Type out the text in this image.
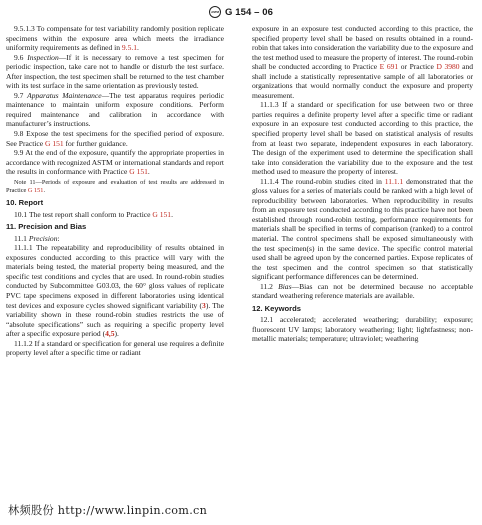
ASTM G 154 – 06

9.5.1.3 To compensate for test variability randomly position replicate specimens within the exposure area which meets the irradiance uniformity requirements as defined in 9.5.1.

9.6 Inspection—If it is necessary to remove a test specimen for periodic inspection, take care not to handle or disturb the test surface. After inspection, the test specimen shall be returned to the test chamber with its test surface in the same orientation as previously tested.

9.7 Apparatus Maintenance—The test apparatus requires periodic maintenance to maintain uniform exposure conditions. Perform required maintenance and calibration in accordance with manufacturer’s instructions.

9.8 Expose the test specimens for the specified period of exposure. See Practice G 151 for further guidance.

9.9 At the end of the exposure, quantify the appropriate properties in accordance with recognized ASTM or international standards and report the results in conformance with Practice G 151.

Note 11—Periods of exposure and evaluation of test results are addressed in Practice G 151.

10. Report

10.1 The test report shall conform to Practice G 151.

11. Precision and Bias

11.1 Precision:

11.1.1 The repeatability and reproducibility of results obtained in exposures conducted according to this practice will vary with the materials being tested, the material property being measured, and the specific test conditions and cycles that are used. In round-robin studies conducted by Subcommittee G03.03, the 60° gloss values of replicate PVC tape specimens exposed in different laboratories using identical test devices and exposure cycles showed significant variability (3). The variability shown in these round-robin studies restricts the use of “absolute specifications” such as requiring a specific property level after a specific exposure period (4,5).

11.1.2 If a standard or specification for general use requires a definite property level after a specific time or radiant

exposure in an exposure test conducted according to this practice, the specified property level shall be based on results obtained in a round-robin that takes into consideration the variability due to the exposure and the test method used to measure the property of interest. The round-robin shall be conducted according to Practice E 691 or Practice D 3980 and shall include a statistically representative sample of all laboratories or organizations that would normally conduct the exposure and property measurement.

11.1.3 If a standard or specification for use between two or three parties requires a definite property level after a specific time or radiant exposure in an exposure test conducted according to this practice, the specified property level shall be based on statistical analysis of results from at least two separate, independent exposures in each laboratory. The design of the experiment used to determine the specification shall take into consideration the variability due to the exposure and the test method used to measure the property of interest.

11.1.4 The round-robin studies cited in 11.1.1 demonstrated that the gloss values for a series of materials could be ranked with a high level of reproducibility between laboratories. When reproducibility in results from an exposure test conducted according to this practice have not been established through round-robin testing, performance requirements for materials shall be specified in terms of comparison (ranked) to a control material. The control specimens shall be exposed simultaneously with the test specimen(s) in the same device. The specific control material used shall be agreed upon by the concerned parties. Expose replicates of the test specimen and the control specimen so that statistically significant performance differences can be determined.

11.2 Bias—Bias can not be determined because no acceptable standard weathering reference materials are available.

12. Keywords

12.1 accelerated; accelerated weathering; durability; exposure; fluorescent UV lamps; laboratory weathering; light; lightfastness; non-metallic materials; temperature; ultraviolet; weathering

林频股份 http://www.linpin.com.cn
